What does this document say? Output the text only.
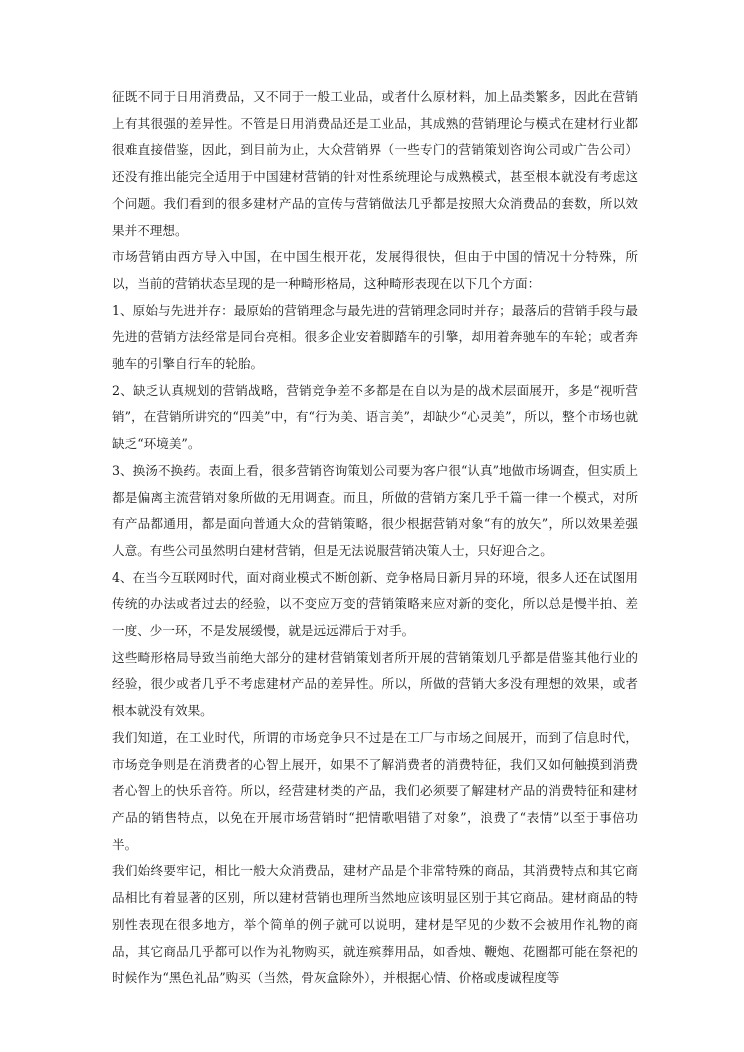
征既不同于日用消费品，又不同于一般工业品，或者什么原材料，加上品类繁多，因此在营销上有其很强的差异性。不管是日用消费品还是工业品，其成熟的营销理论与模式在建材行业都很难直接借鉴，因此，到目前为止，大众营销界（一些专门的营销策划咨询公司或广告公司）还没有推出能完全适用于中国建材营销的针对性系统理论与成熟模式，甚至根本就没有考虑这个问题。我们看到的很多建材产品的宣传与营销做法几乎都是按照大众消费品的套数，所以效果并不理想。

市场营销由西方导入中国，在中国生根开花，发展得很快，但由于中国的情况十分特殊，所以，当前的营销状态呈现的是一种畸形格局，这种畸形表现在以下几个方面：

1、原始与先进并存：最原始的营销理念与最先进的营销理念同时并存；最落后的营销手段与最先进的营销方法经常是同台亮相。很多企业安着脚踏车的引擎，却用着奔驰车的车轮；或者奔驰车的引擎自行车的轮胎。

2、缺乏认真规划的营销战略，营销竞争差不多都是在自以为是的战术层面展开，多是“视听营销”，在营销所讲究的“四美”中，有“行为美、语言美”，却缺少“心灵美”，所以，整个市场也就缺乏“环境美”。

3、换汤不换药。表面上看，很多营销咨询策划公司要为客户很“认真”地做市场调查，但实质上都是偏离主流营销对象所做的无用调查。而且，所做的营销方案几乎千篇一律一个模式，对所有产品都通用，都是面向普通大众的营销策略，很少根据营销对象“有的放矢”，所以效果差强人意。有些公司虽然明白建材营销，但是无法说服营销决策人士，只好迎合之。

4、在当今互联网时代，面对商业模式不断创新、竞争格局日新月异的环境，很多人还在试图用传统的办法或者过去的经验，以不变应万变的营销策略来应对新的变化，所以总是慢半拍、差一度、少一环，不是发展缓慢，就是远远滞后于对手。

这些畸形格局导致当前绝大部分的建材营销策划者所开展的营销策划几乎都是借鉴其他行业的经验，很少或者几乎不考虑建材产品的差异性。所以，所做的营销大多没有理想的效果，或者根本就没有效果。

我们知道，在工业时代，所谓的市场竞争只不过是在工厂与市场之间展开，而到了信息时代，市场竞争则是在消费者的心智上展开，如果不了解消费者的消费特征，我们又如何触摸到消费者心智上的快乐音符。所以，经营建材类的产品，我们必须要了解建材产品的消费特征和建材产品的销售特点，以免在开展市场营销时“把情歌唱错了对象”，浪费了“表情”以至于事倍功半。

我们始终要牢记，相比一般大众消费品，建材产品是个非常特殊的商品，其消费特点和其它商品相比有着显著的区别，所以建材营销也理所当然地应该明显区别于其它商品。建材商品的特别性表现在很多地方，举个简单的例子就可以说明，建材是罕见的少数不会被用作礼物的商品，其它商品几乎都可以作为礼物购买，就连殡葬用品，如香烛、鞭炮、花圈都可能在祭祀的时候作为“黑色礼品”购买（当然，骨灰盒除外），并根据心情、价格或虔诚程度等
